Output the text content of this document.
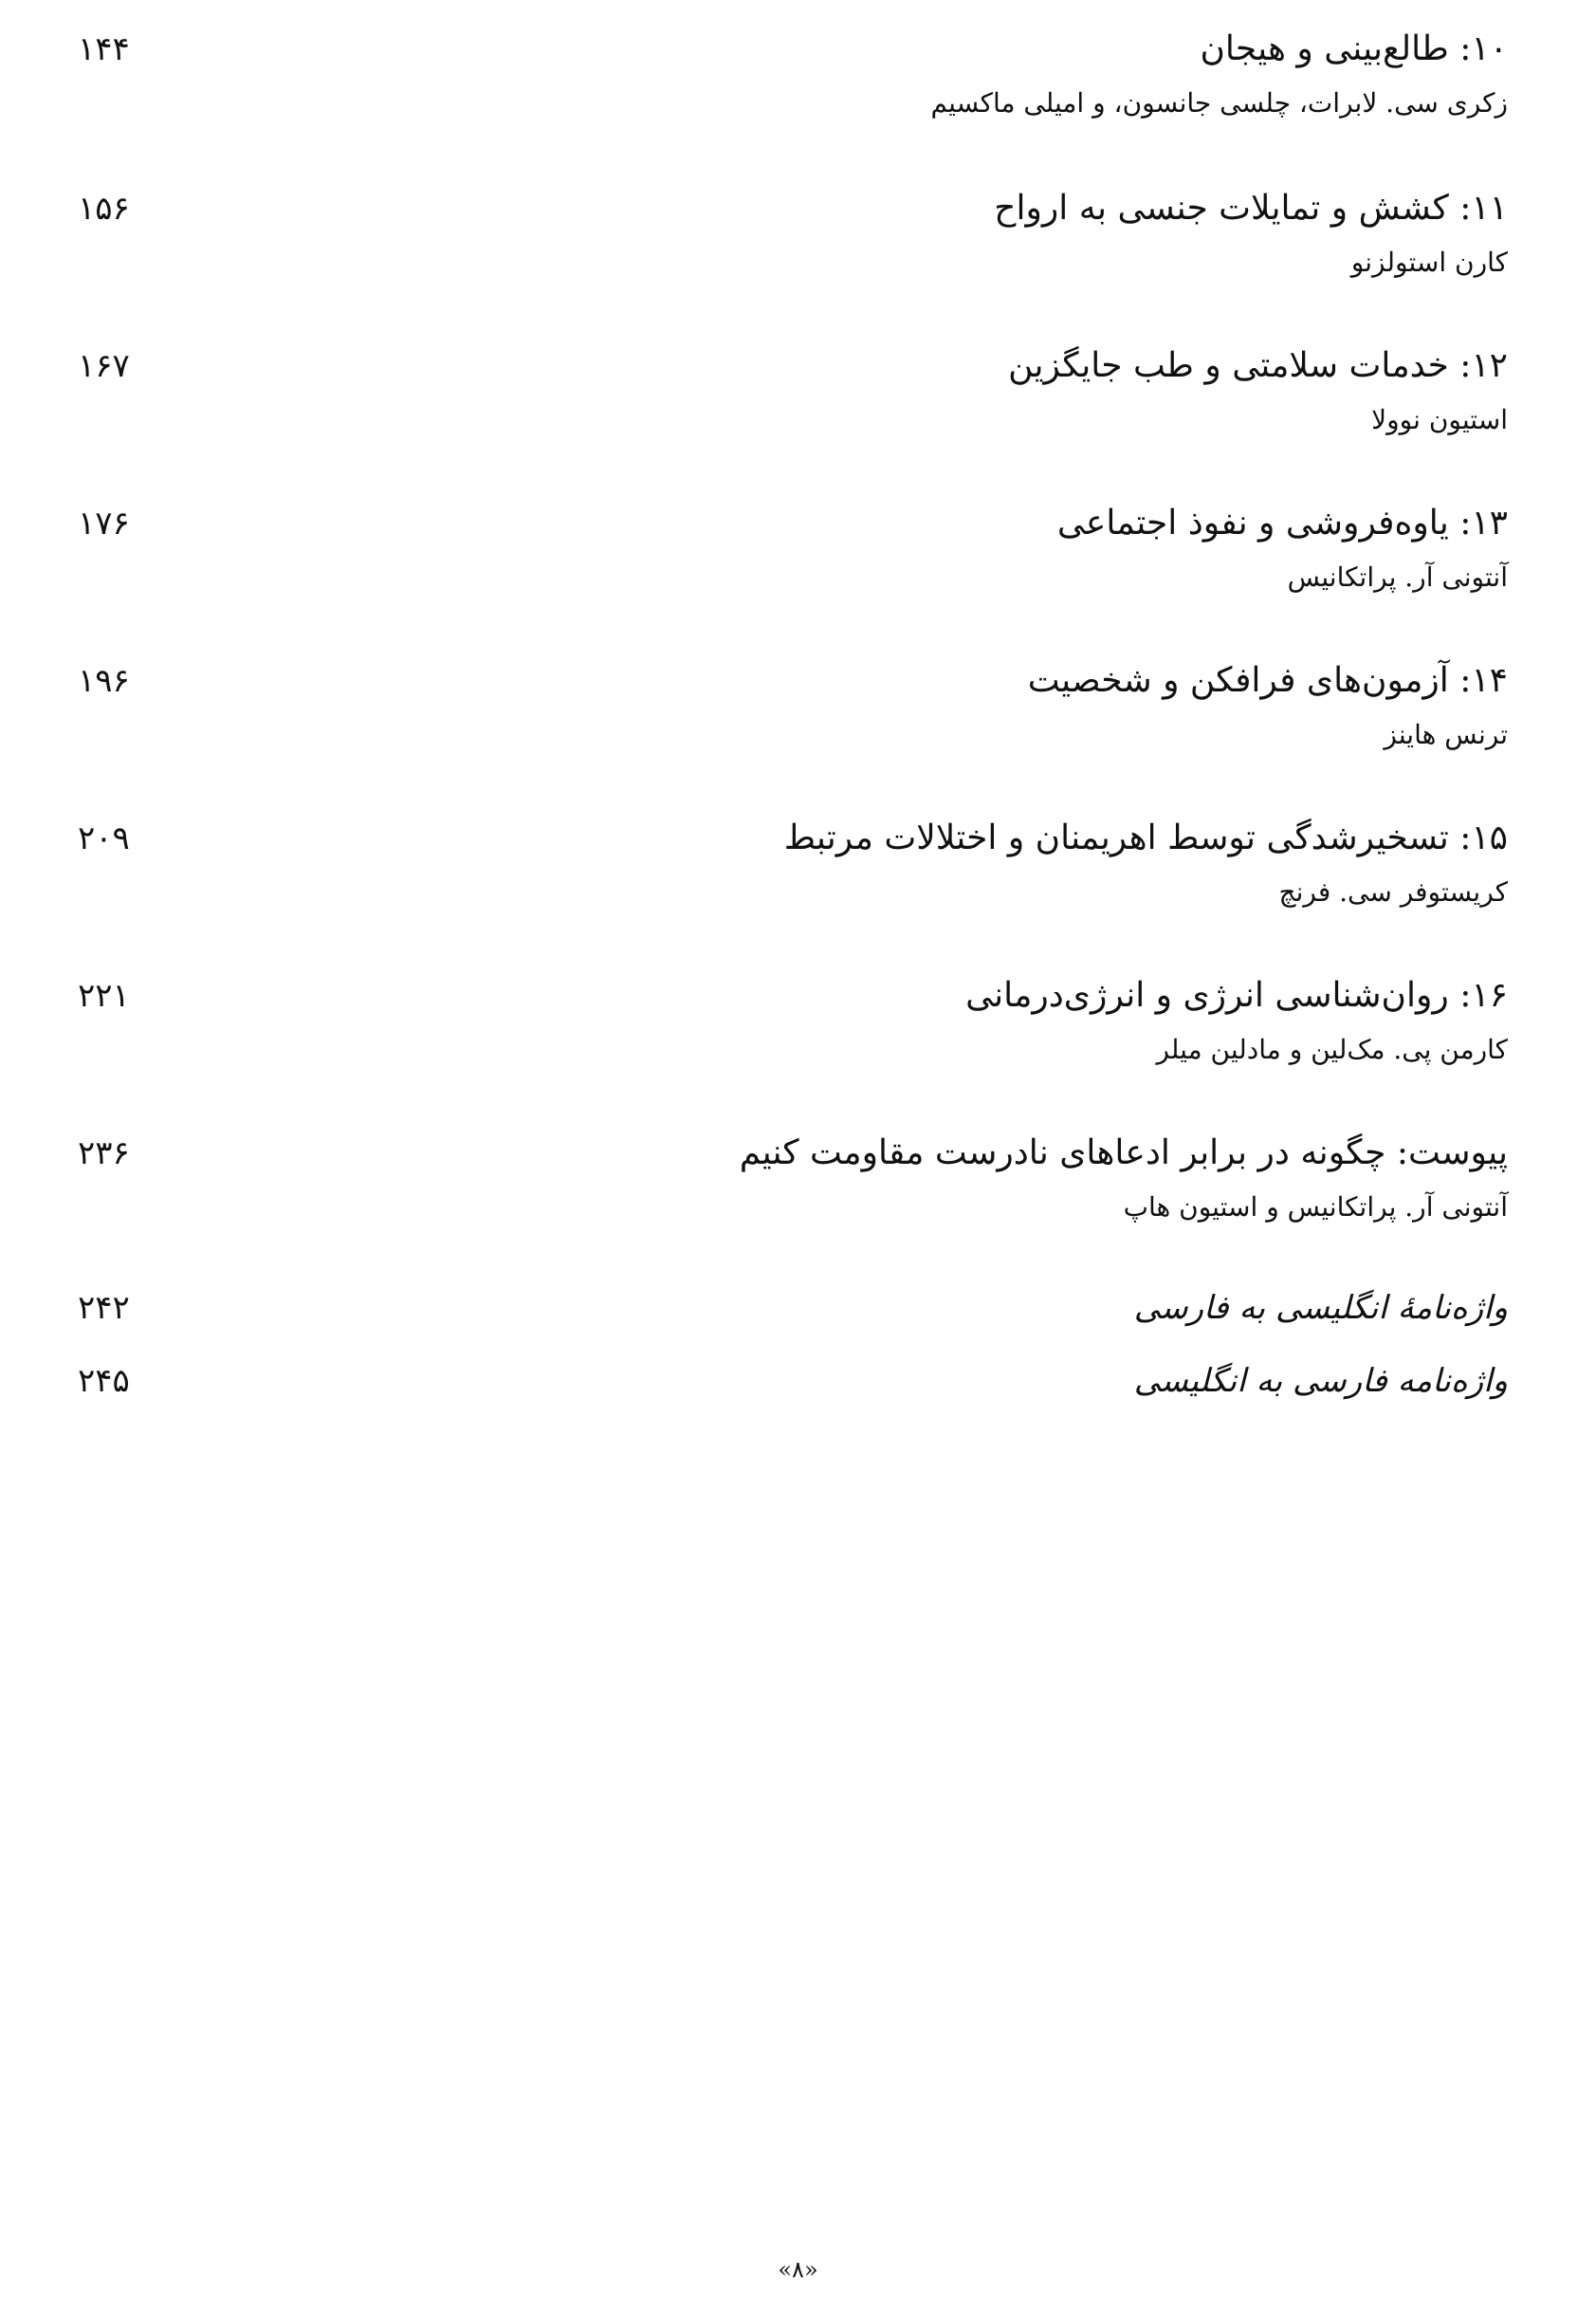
۱۰: طالع‌بینی و هیجان
زکری سی. لابرات، چلسی جانسون، و امیلی ماکسیم
۱۴۴
۱۱: کشش و تمایلات جنسی به ارواح
کارن استولزنو
۱۵۶
۱۲: خدمات سلامتی و طب جایگزین
استیون نوولا
۱۶۷
۱۳: یاوه‌فروشی و نفوذ اجتماعی
آنتونی آر. پراتکانیس
۱۷۶
۱۴: آزمون‌های فرافکن و شخصیت
ترنس هاینز
۱۹۶
۱۵: تسخیرشدگی توسط اهریمنان و اختلالات مرتبط
کریستوفر سی. فرنچ
۲۰۹
۱۶: روان‌شناسی انرژی و انرژی‌درمانی
کارمن پی. مک‌لین و مادلین میلر
۲۲۱
پیوست: چگونه در برابر ادعاهای نادرست مقاومت کنیم
آنتونی آر. پراتکانیس و استیون هاپ
۲۳۶
واژه‌نامهٔ انگلیسی به فارسی
۲۴۲
واژه‌نامه فارسی به انگلیسی
۲۴۵
«۸»
